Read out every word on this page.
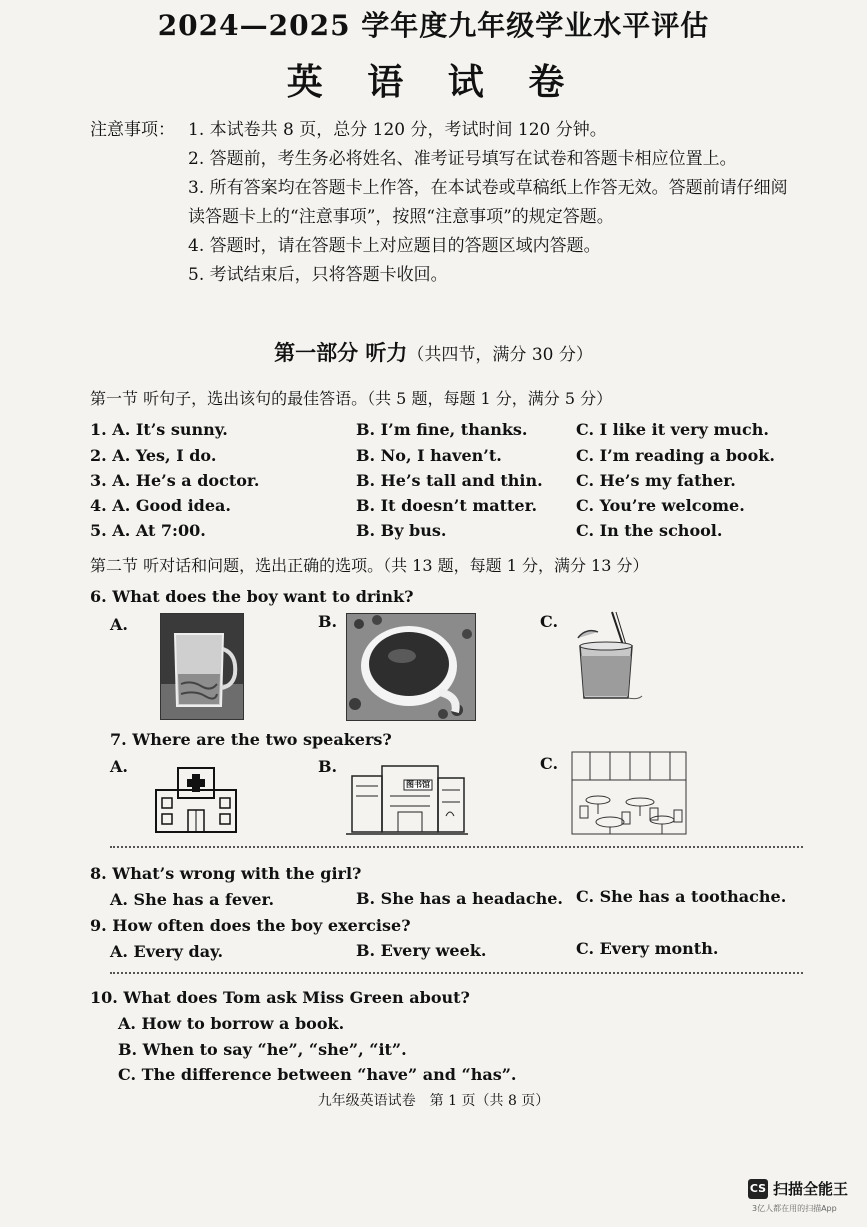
2024—2025 学年度九年级学业水平评估
英 语 试 卷
注意事项： 1. 本试卷共 8 页，总分 120 分，考试时间 120 分钟。
2. 答题前，考生务必将姓名、准考证号填写在试卷和答题卡相应位置上。
3. 所有答案均在答题卡上作答，在本试卷或草稿纸上作答无效。答题前请仔细阅读答题卡上的“注意事项”，按照“注意事项”的规定答题。
4. 答题时，请在答题卡上对应题目的答题区域内答题。
5. 考试结束后，只将答题卡收回。
第一部分 听力（共四节，满分 30 分）
第一节 听句子，选出该句的最佳答语。（共 5 题，每题 1 分，满分 5 分）
1. A. It’s sunny.	B. I’m fine, thanks.	C. I like it very much.
2. A. Yes, I do.	B. No, I haven’t.	C. I’m reading a book.
3. A. He’s a doctor.	B. He’s tall and thin. C. He’s my father.
4. A. Good idea.	B. It doesn’t matter. C. You’re welcome.
5. A. At 7:00.	B. By bus.	C. In the school.
第二节 听对话和问题，选出正确的选项。（共 13 题，每题 1 分，满分 13 分）
6. What does the boy want to drink?
A.	B.	C.
7. Where are the two speakers?
A.	B.	C.
图书馆
8. What’s wrong with the girl?
A. She has a fever.	B. She has a headache. C. She has a toothache.
9. How often does the boy exercise?
A. Every day.	B. Every week.	C. Every month.
10. What does Tom ask Miss Green about?
A. How to borrow a book.
B. When to say “he”, “she”, “it”.
C. The difference between “have” and “has”.
九年级英语试卷　第 1 页（共 8 页）
CS 扫描全能王
3亿人都在用的扫描App
